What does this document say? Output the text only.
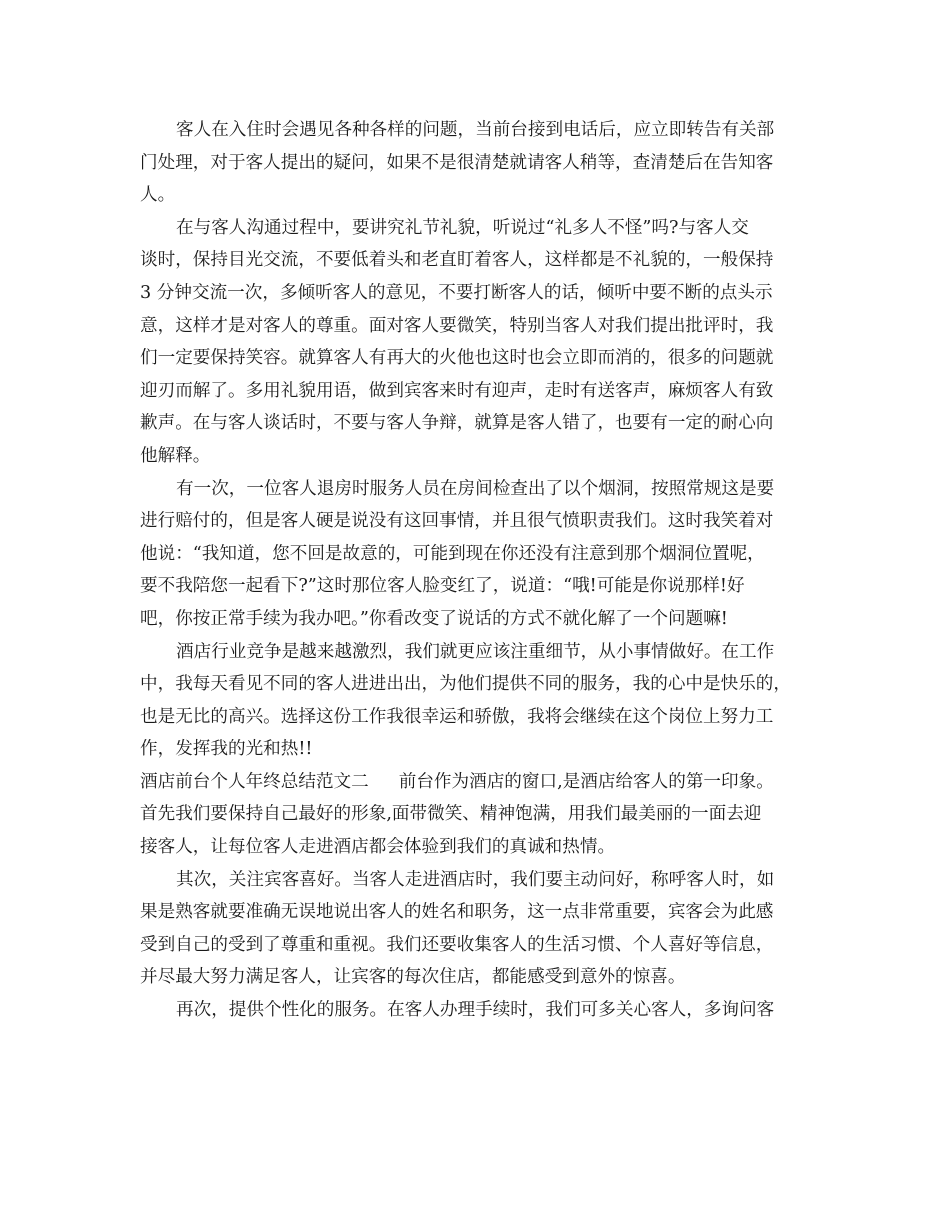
客人在入住时会遇见各种各样的问题，当前台接到电话后，应立即转告有关部
门处理，对于客人提出的疑问，如果不是很清楚就请客人稍等，查清楚后在告知客
人。
在与客人沟通过程中，要讲究礼节礼貌，听说过“礼多人不怪”吗?与客人交
谈时，保持目光交流，不要低着头和老直盯着客人，这样都是不礼貌的，一般保持
3 分钟交流一次，多倾听客人的意见，不要打断客人的话，倾听中要不断的点头示
意，这样才是对客人的尊重。面对客人要微笑，特别当客人对我们提出批评时，我
们一定要保持笑容。就算客人有再大的火他也这时也会立即而消的，很多的问题就
迎刃而解了。多用礼貌用语，做到宾客来时有迎声，走时有送客声，麻烦客人有致
歉声。在与客人谈话时，不要与客人争辩，就算是客人错了，也要有一定的耐心向
他解释。
有一次，一位客人退房时服务人员在房间检查出了以个烟洞，按照常规这是要
进行赔付的，但是客人硬是说没有这回事情，并且很气愤职责我们。这时我笑着对
他说：“我知道，您不回是故意的，可能到现在你还没有注意到那个烟洞位置呢，
要不我陪您一起看下?”这时那位客人脸变红了，说道：“哦!可能是你说那样!好
吧，你按正常手续为我办吧。”你看改变了说话的方式不就化解了一个问题嘛!
酒店行业竞争是越来越激烈，我们就更应该注重细节，从小事情做好。在工作
中，我每天看见不同的客人进进出出，为他们提供不同的服务，我的心中是快乐的，
也是无比的高兴。选择这份工作我很幸运和骄傲，我将会继续在这个岗位上努力工
作，发挥我的光和热!!
酒店前台个人年终总结范文二 前台作为酒店的窗口,是酒店给客人的第一印象。
首先我们要保持自己最好的形象,面带微笑、精神饱满，用我们最美丽的一面去迎
接客人，让每位客人走进酒店都会体验到我们的真诚和热情。
其次，关注宾客喜好。当客人走进酒店时，我们要主动问好，称呼客人时，如
果是熟客就要准确无误地说出客人的姓名和职务，这一点非常重要，宾客会为此感
受到自己的受到了尊重和重视。我们还要收集客人的生活习惯、个人喜好等信息，
并尽最大努力满足客人，让宾客的每次住店，都能感受到意外的惊喜。
再次，提供个性化的服务。在客人办理手续时，我们可多关心客人，多询问客
